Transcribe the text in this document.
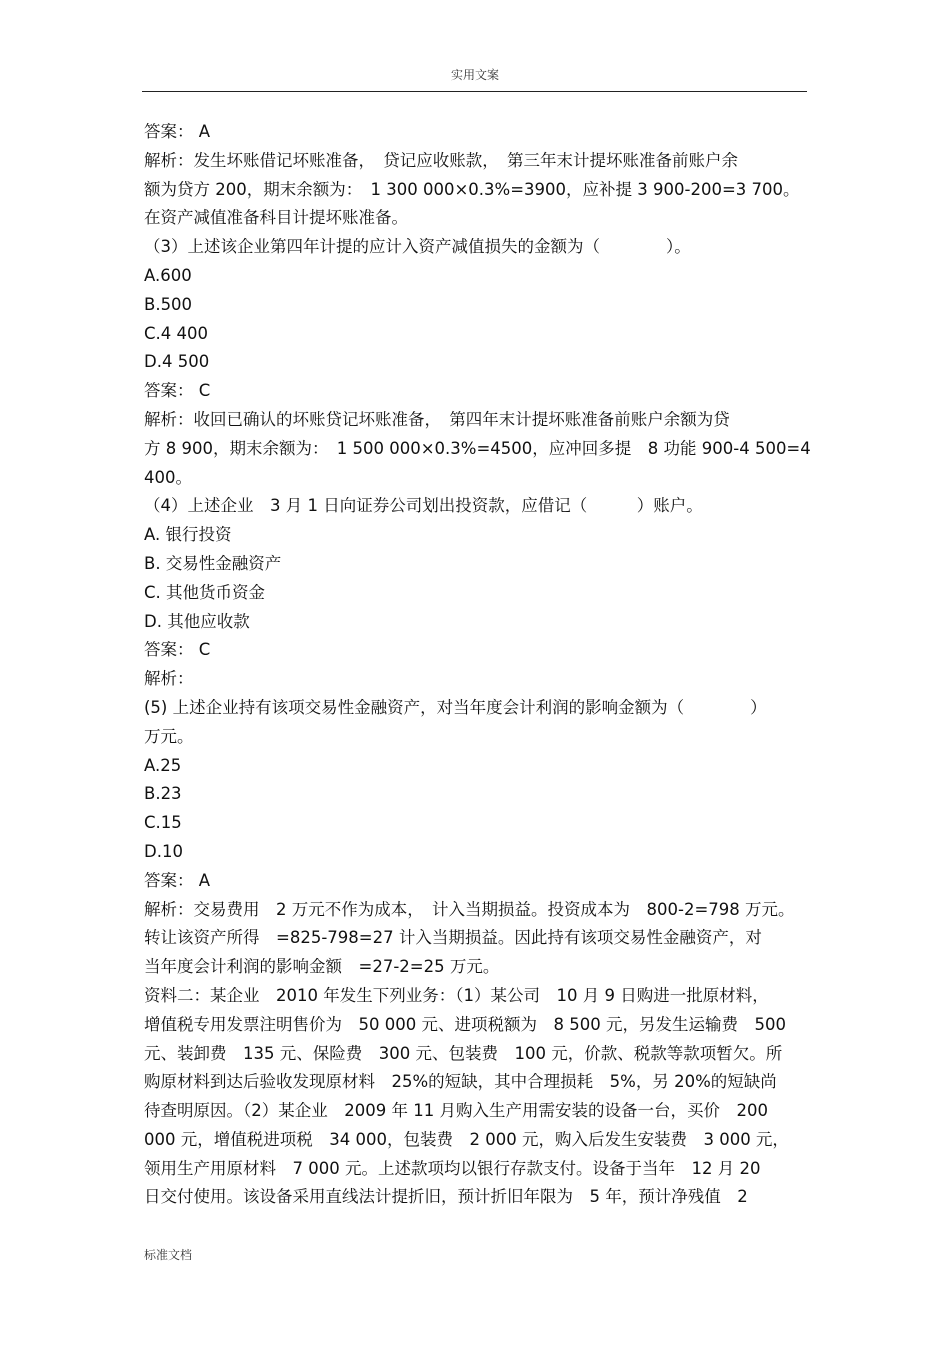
实用文案
答案： A
解析：发生坏账借记坏账准备，　贷记应收账款，　第三年末计提坏账准备前账户余
额为贷方 200，期末余额为：　1 300 000×0.3%=3900，应补提 3 900-200=3 700。
在资产减值准备科目计提坏账准备。
（3）上述该企业第四年计提的应计入资产减值损失的金额为（　　　　）。
A.600
B.500
C.4 400
D.4 500
答案： C
解析：收回已确认的坏账贷记坏账准备，　第四年末计提坏账准备前账户余额为贷
方 8 900，期末余额为：　1 500 000×0.3%=4500，应冲回多提　8 功能 900-4 500=4
400。
（4）上述企业　3 月 1 日向证券公司划出投资款，应借记（　　　）账户。
A. 银行投资
B. 交易性金融资产
C. 其他货币资金
D. 其他应收款
答案： C
解析：
(5) 上述企业持有该项交易性金融资产，对当年度会计利润的影响金额为（　　　　）
万元。
A.25
B.23
C.15
D.10
答案： A
解析：交易费用　2 万元不作为成本，　计入当期损益。投资成本为　800-2=798 万元。
转让该资产所得　=825-798=27 计入当期损益。因此持有该项交易性金融资产，对
当年度会计利润的影响金额　=27-2=25 万元。
资料二：某企业　2010 年发生下列业务：（1）某公司　10 月 9 日购进一批原材料，
增值税专用发票注明售价为　50 000 元、进项税额为　8 500 元，另发生运输费　500
元、装卸费　135 元、保险费　300 元、包装费　100 元，价款、税款等款项暂欠。所
购原材料到达后验收发现原材料　25%的短缺，其中合理损耗　5%，另 20%的短缺尚
待查明原因。（2）某企业　2009 年 11 月购入生产用需安装的设备一台，买价　200
000 元，增值税进项税　34 000，包装费　2 000 元，购入后发生安装费　3 000 元，
领用生产用原材料　7 000 元。上述款项均以银行存款支付。设备于当年　12 月 20
日交付使用。该设备采用直线法计提折旧，预计折旧年限为　5 年，预计净残值　2
标准文档
